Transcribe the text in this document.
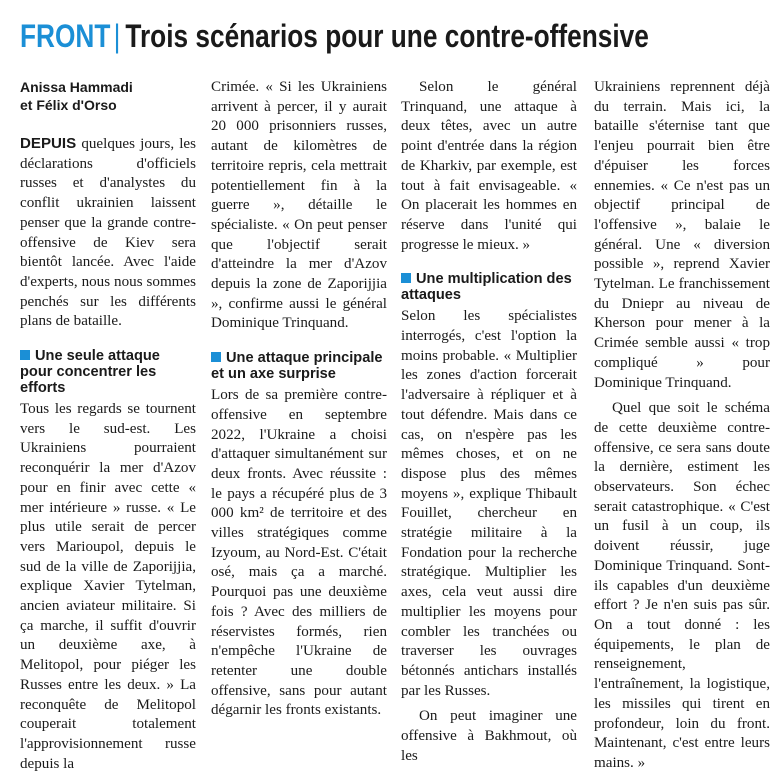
FRONT | Trois scénarios pour une contre-offensive
Anissa Hammadi
et Félix d'Orso

DEPUIS quelques jours, les déclarations d'officiels russes et d'analystes du conflit ukrainien laissent penser que la grande contre-offensive de Kiev sera bientôt lancée. Avec l'aide d'experts, nous nous sommes penchés sur les différents plans de bataille.

Une seule attaque pour concentrer les efforts

Tous les regards se tournent vers le sud-est. Les Ukrainiens pourraient reconquérir la mer d'Azov pour en finir avec cette « mer intérieure » russe. « Le plus utile serait de percer vers Marioupol, depuis le sud de la ville de Zaporijjia, explique Xavier Tytelman, ancien aviateur militaire. Si ça marche, il suffit d'ouvrir un deuxième axe, à Melitopol, pour piéger les Russes entre les deux. » La reconquête de Melitopol couperait totalement l'approvisionnement russe depuis la

Crimée. « Si les Ukrainiens arrivent à percer, il y aurait 20 000 prisonniers russes, autant de kilomètres de territoire repris, cela mettrait potentiellement fin à la guerre », détaille le spécialiste. « On peut penser que l'objectif serait d'atteindre la mer d'Azov depuis la zone de Zaporijjia », confirme aussi le général Dominique Trinquand.

Une attaque principale et un axe surprise

Lors de sa première contre-offensive en septembre 2022, l'Ukraine a choisi d'attaquer simultanément sur deux fronts. Avec réussite : le pays a récupéré plus de 3 000 km² de territoire et des villes stratégiques comme Izyoum, au Nord-Est. C'était osé, mais ça a marché. Pourquoi pas une deuxième fois ? Avec des milliers de réservistes formés, rien n'empêche l'Ukraine de retenter une double offensive, sans pour autant dégarnir les fronts existants.

Selon le général Trinquand, une attaque à deux têtes, avec un autre point d'entrée dans la région de Kharkiv, par exemple, est tout à fait envisageable. « On placerait les hommes en réserve dans l'unité qui progresse le mieux. »

Une multiplication des attaques

Selon les spécialistes interrogés, c'est l'option la moins probable. « Multiplier les zones d'action forcerait l'adversaire à répliquer et à tout défendre. Mais dans ce cas, on n'espère pas les mêmes choses, et on ne dispose plus des mêmes moyens », explique Thibault Fouillet, chercheur en stratégie militaire à la Fondation pour la recherche stratégique. Multiplier les axes, cela veut aussi dire multiplier les moyens pour combler les tranchées ou traverser les ouvrages bétonnés antichars installés par les Russes.

On peut imaginer une offensive à Bakhmout, où les

Ukrainiens reprennent déjà du terrain. Mais ici, la bataille s'éternise tant que l'enjeu pourrait bien être d'épuiser les forces ennemies. « Ce n'est pas un objectif principal de l'offensive », balaie le général. Une « diversion possible », reprend Xavier Tytelman. Le franchissement du Dniepr au niveau de Kherson pour mener à la Crimée semble aussi « trop compliqué » pour Dominique Trinquand.

Quel que soit le schéma de cette deuxième contre-offensive, ce sera sans doute la dernière, estiment les observateurs. Son échec serait catastrophique. « C'est un fusil à un coup, ils doivent réussir, juge Dominique Trinquand. Sont-ils capables d'un deuxième effort ? Je n'en suis pas sûr. On a tout donné : les équipements, le plan de renseignement, l'entraînement, la logistique, les missiles qui tirent en profondeur, loin du front. Maintenant, c'est entre leurs mains. »
